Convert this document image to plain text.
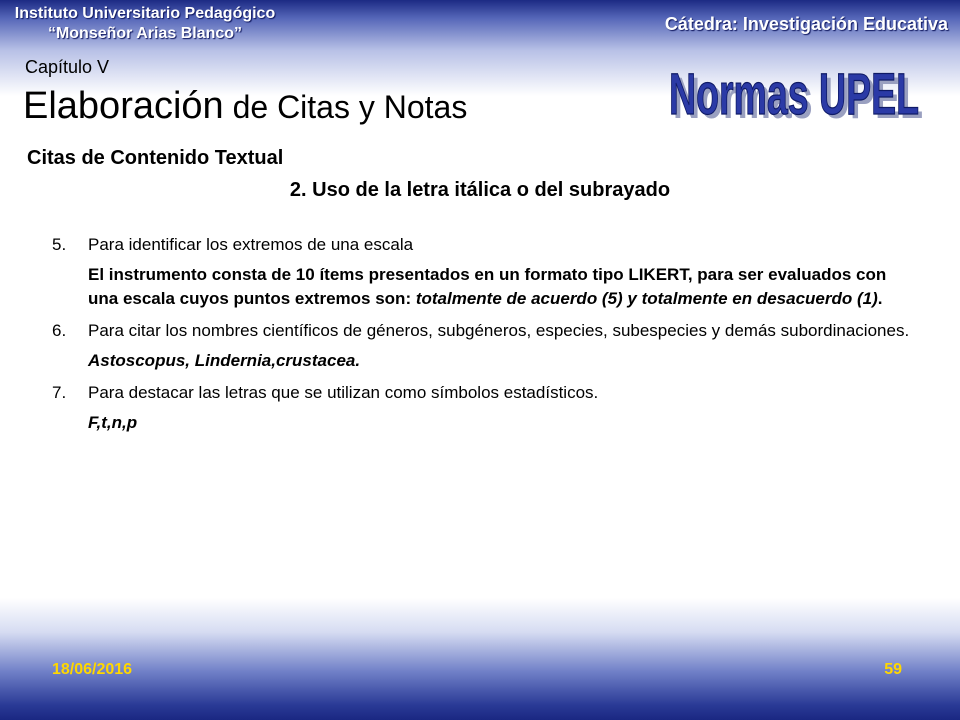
Instituto Universitario Pedagógico
“Monseñor Arias Blanco”	Cátedra: Investigación Educativa
Capítulo V
Elaboración de Citas y Notas	Normas UPEL
Normas UPEL
Citas de Contenido Textual
2. Uso de la letra itálica o del subrayado
5.	Para identificar los extremos de una escala
El instrumento consta de 10 ítems presentados en un formato tipo LIKERT, para ser evaluados con una escala cuyos puntos extremos son: totalmente de acuerdo (5) y totalmente en desacuerdo (1).
6.	Para citar los nombres científicos de géneros, subgéneros, especies, subespecies y demás subordinaciones.
Astoscopus, Lindernia,crustacea.
7.	Para destacar las letras que se utilizan como símbolos estadísticos.
F,t,n,p
18/06/2016	59
